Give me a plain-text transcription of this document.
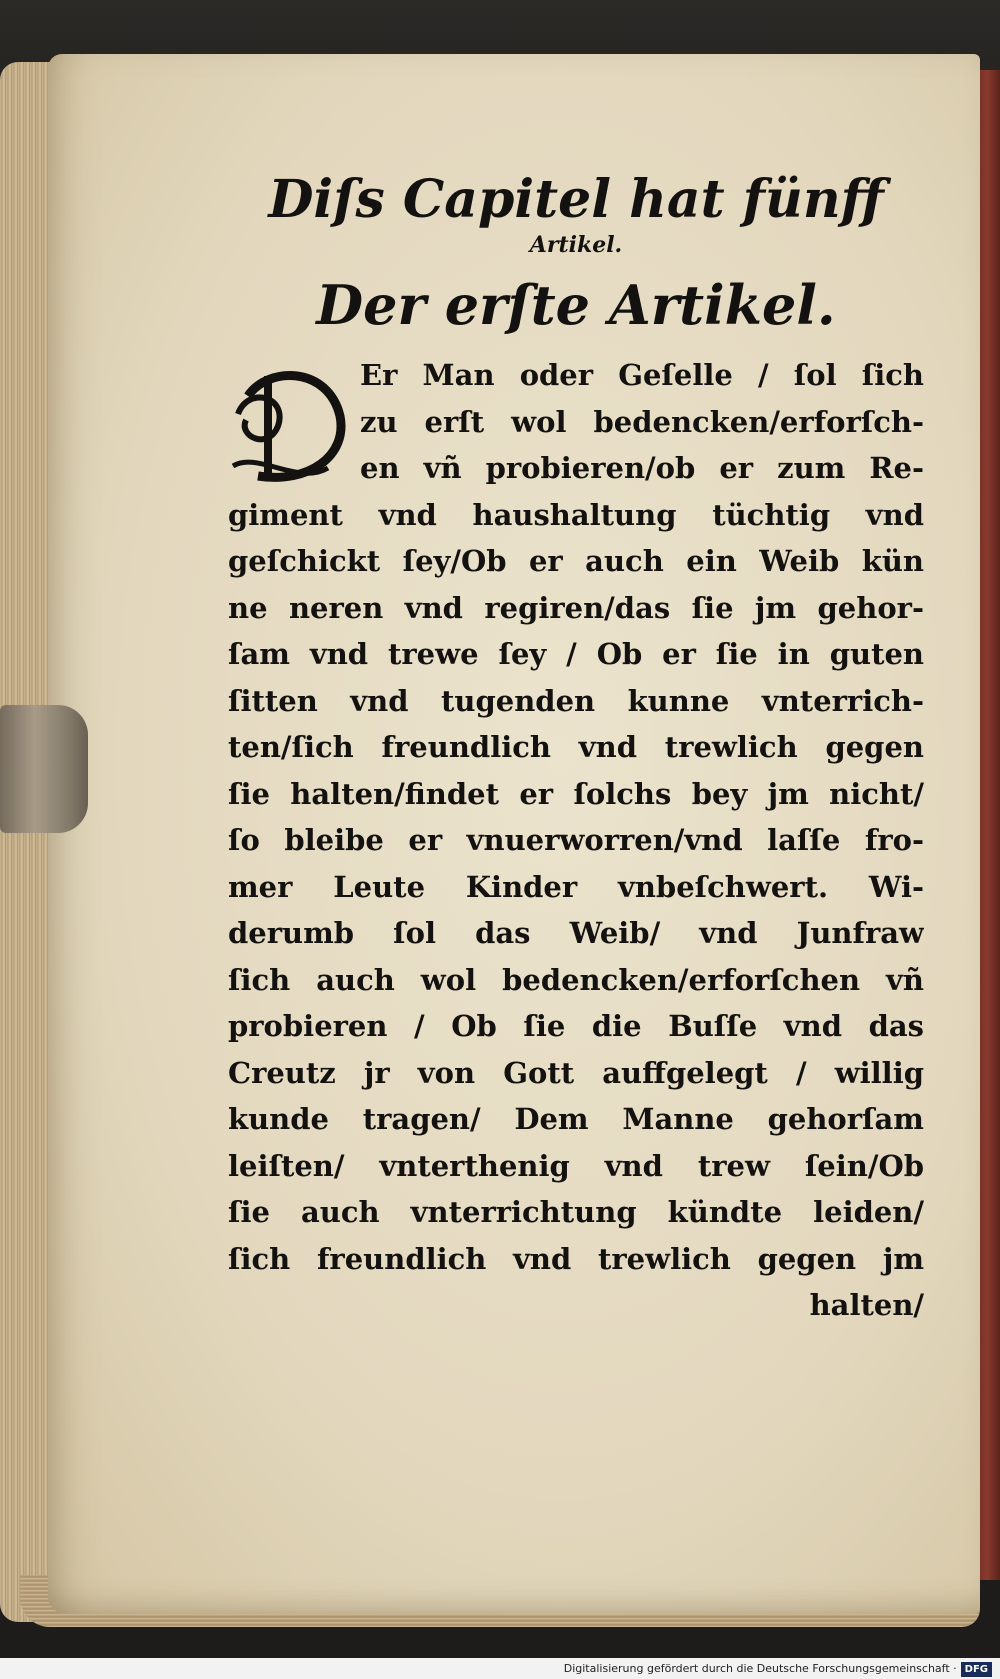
Diſs Capitel hat fünff
Artikel.
Der erſte Artikel.
Er Man oder Geſelle / ſol ſich
zu erſt wol bedencken/erforſch-
en vñ probieren/ob er zum Re-
giment vnd haushaltung tüchtig vnd
geſchickt ſey/Ob er auch ein Weib kün
ne neren vnd regiren/das ſie jm gehor-
ſam vnd trewe ſey / Ob er ſie in guten
ſitten vnd tugenden kunne vnterrich-
ten/ſich freundlich vnd trewlich gegen
ſie halten/findet er ſolchs bey jm nicht/
ſo bleibe er vnuerworren/vnd laſſe fro-
mer Leute Kinder vnbeſchwert. Wi-
derumb ſol das Weib/ vnd Junfraw
ſich auch wol bedencken/erforſchen vñ
probieren / Ob ſie die Buſſe vnd das
Creutz jr von Gott auffgelegt / willig
kunde tragen/ Dem Manne gehorſam
leiſten/ vnterthenig vnd trew ſein/Ob
ſie auch vnterrichtung kündte leiden/
ſich freundlich vnd trewlich gegen jm
halten/
Digitalisierung gefördert durch die Deutsche Forschungsgemeinschaft · DFG
